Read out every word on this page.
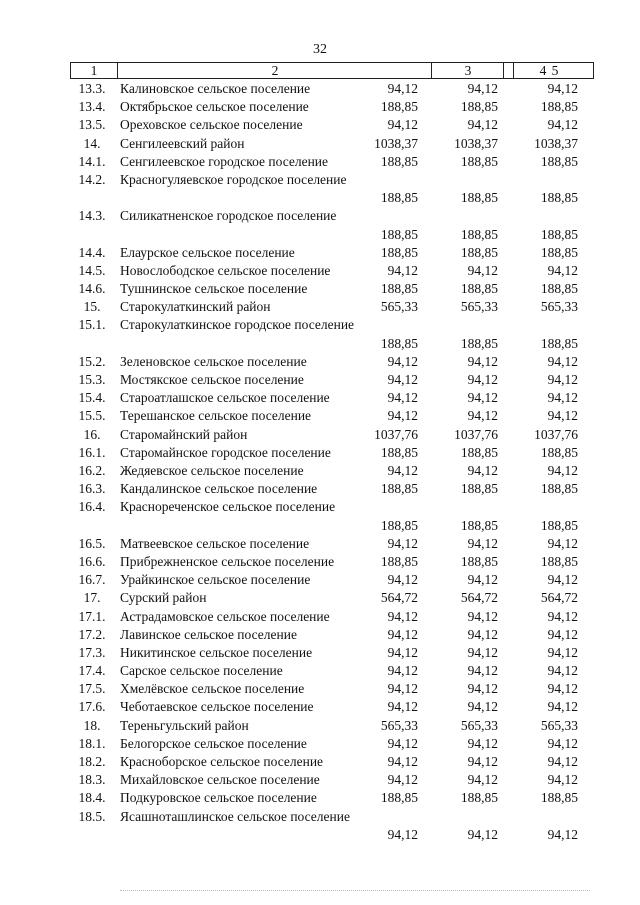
32
1	2	3	4 5
13.3.	Калиновское сельское поселение	94,12	94,12	94,12
13.4.	Октябрьское сельское поселение	188,85	188,85	188,85
13.5.	Ореховское сельское поселение	94,12	94,12	94,12
14.	Сенгилеевский район	1038,37	1038,37	1038,37
14.1.	Сенгилеевское городское поселение	188,85	188,85	188,85
14.2.	Красногуляевское городское поселение
188,85	188,85	188,85
14.3.	Силикатненское городское поселение
188,85	188,85	188,85
14.4.	Елаурское сельское поселение	188,85	188,85	188,85
14.5.	Новослободское сельское поселение	94,12	94,12	94,12
14.6.	Тушнинское сельское поселение	188,85	188,85	188,85
15.	Старокулаткинский район	565,33	565,33	565,33
15.1.	Старокулаткинское городское поселение
188,85	188,85	188,85
15.2.	Зеленовское сельское поселение	94,12	94,12	94,12
15.3.	Мостякское сельское поселение	94,12	94,12	94,12
15.4.	Староатлашское сельское поселение	94,12	94,12	94,12
15.5.	Терешанское сельское поселение	94,12	94,12	94,12
16.	Старомайнский район	1037,76	1037,76	1037,76
16.1.	Старомайнское городское поселение	188,85	188,85	188,85
16.2.	Жедяевское сельское поселение	94,12	94,12	94,12
16.3.	Кандалинское сельское поселение	188,85	188,85	188,85
16.4.	Краснореченское сельское поселение
188,85	188,85	188,85
16.5.	Матвеевское сельское поселение	94,12	94,12	94,12
16.6.	Прибрежненское сельское поселение	188,85	188,85	188,85
16.7.	Урайкинское сельское поселение	94,12	94,12	94,12
17.	Сурский район	564,72	564,72	564,72
17.1.	Астрадамовское сельское поселение	94,12	94,12	94,12
17.2.	Лавинское сельское поселение	94,12	94,12	94,12
17.3.	Никитинское сельское поселение	94,12	94,12	94,12
17.4.	Сарское сельское поселение	94,12	94,12	94,12
17.5.	Хмелёвское сельское поселение	94,12	94,12	94,12
17.6.	Чеботаевское сельское поселение	94,12	94,12	94,12
18.	Тереньгульский район	565,33	565,33	565,33
18.1.	Белогорское сельское поселение	94,12	94,12	94,12
18.2.	Красноборское сельское поселение	94,12	94,12	94,12
18.3.	Михайловское сельское поселение	94,12	94,12	94,12
18.4.	Подкуровское сельское поселение	188,85	188,85	188,85
18.5.	Ясашноташлинское сельское поселение
94,12	94,12	94,12
